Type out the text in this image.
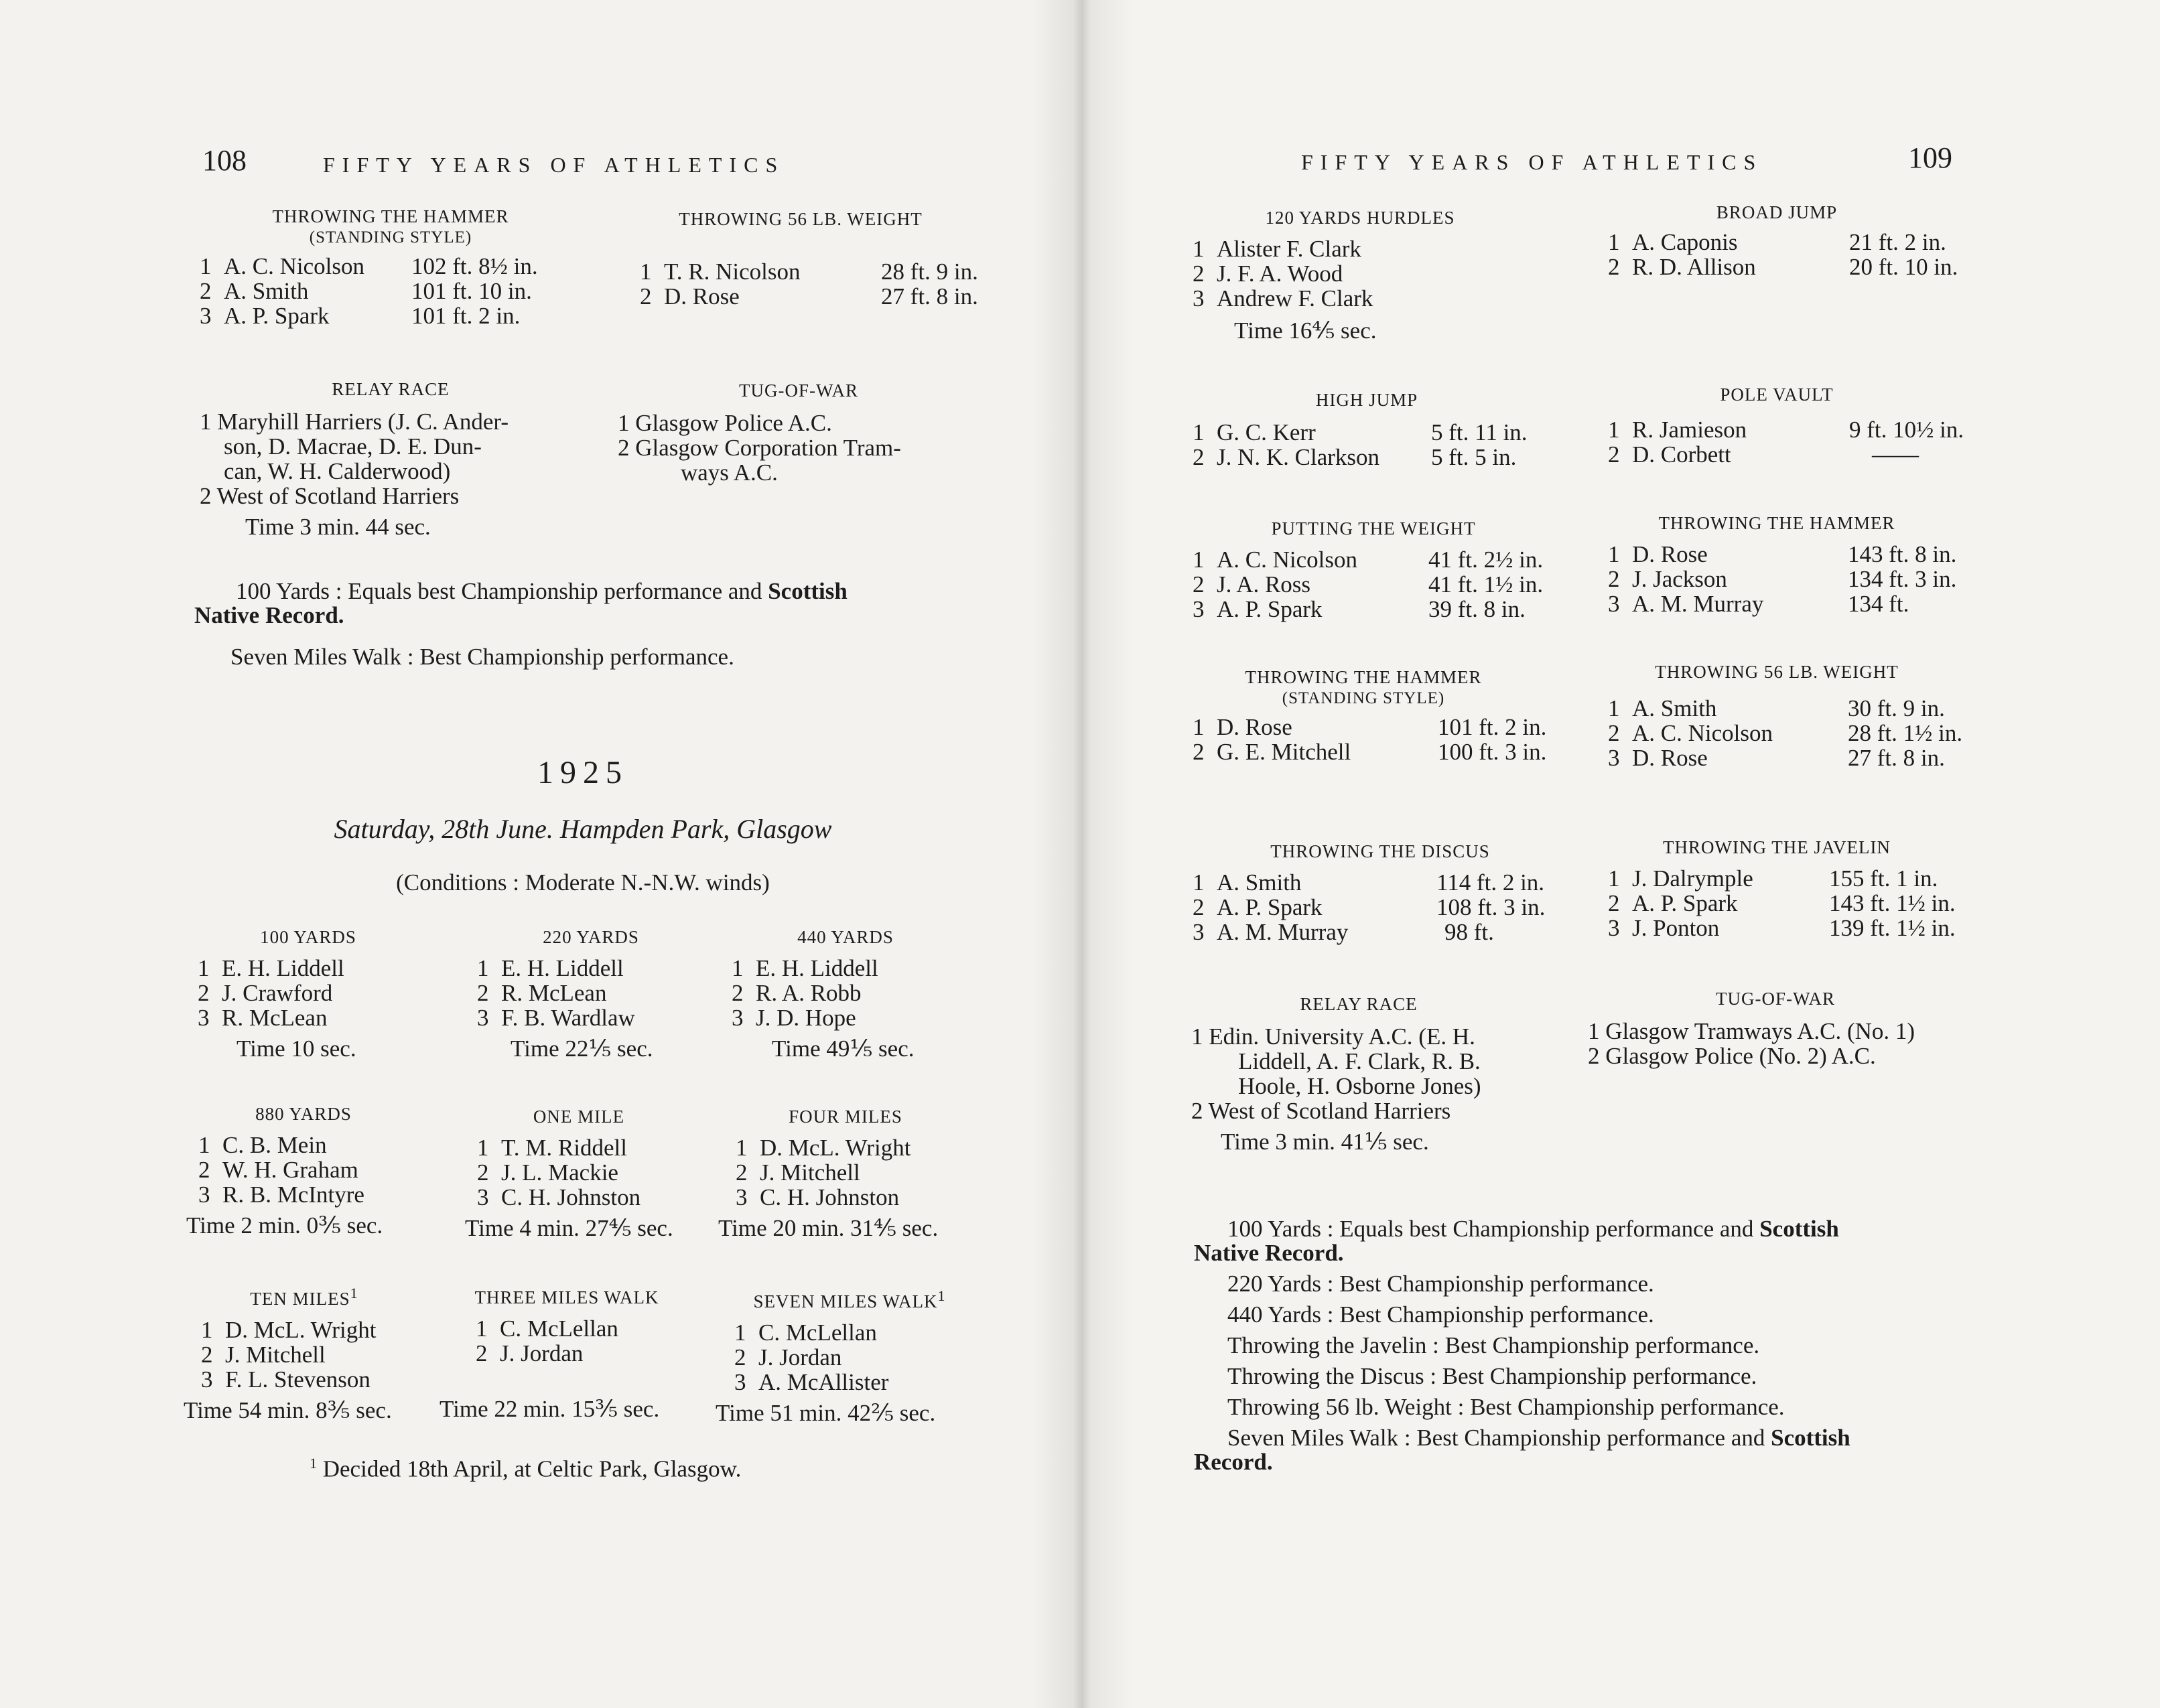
108	FIFTY YEARS OF ATHLETICS
THROWING THE HAMMER
(STANDING STYLE)
1 A. C. Nicolson	102 ft. 8½ in.
2 A. Smith	101 ft. 10 in.
3 A. P. Spark	101 ft. 2 in.
THROWING 56 LB. WEIGHT
1 T. R. Nicolson	28 ft. 9 in.
2 D. Rose	27 ft. 8 in.
RELAY RACE
1 Maryhill Harriers (J. C. Ander-
son, D. Macrae, D. E. Dun-
can, W. H. Calderwood)
2 West of Scotland Harriers
Time 3 min. 44 sec.
TUG-OF-WAR
1 Glasgow Police A.C.
2 Glasgow Corporation Tram-
ways A.C.
100 Yards : Equals best Championship performance and Scottish
Native Record.
Seven Miles Walk : Best Championship performance.
1925
Saturday, 28th June. Hampden Park, Glasgow
(Conditions : Moderate N.-N.W. winds)
100 YARDS
1 E. H. Liddell
2 J. Crawford
3 R. McLean
Time 10 sec.
220 YARDS
1 E. H. Liddell
2 R. McLean
3 F. B. Wardlaw
Time 22⅕ sec.
440 YARDS
1 E. H. Liddell
2 R. A. Robb
3 J. D. Hope
Time 49⅕ sec.
880 YARDS
1 C. B. Mein
2 W. H. Graham
3 R. B. McIntyre
Time 2 min. 0⅗ sec.
ONE MILE
1 T. M. Riddell
2 J. L. Mackie
3 C. H. Johnston
Time 4 min. 27⅘ sec.
FOUR MILES
1 D. McL. Wright
2 J. Mitchell
3 C. H. Johnston
Time 20 min. 31⅘ sec.
TEN MILES$^1$
1 D. McL. Wright
2 J. Mitchell
3 F. L. Stevenson
Time 54 min. 8⅗ sec.
THREE MILES WALK
1 C. McLellan
2 J. Jordan
Time 22 min. 15⅗ sec.
SEVEN MILES WALK$^1$
1 C. McLellan
2 J. Jordan
3 A. McAllister
Time 51 min. 42⅖ sec.
$^1$ Decided 18th April, at Celtic Park, Glasgow.
FIFTY YEARS OF ATHLETICS	109
120 YARDS HURDLES
1 Alister F. Clark
2 J. F. A. Wood
3 Andrew F. Clark
Time 16⅘ sec.
BROAD JUMP
1 A. Caponis	21 ft. 2 in.
2 R. D. Allison	20 ft. 10 in.
HIGH JUMP
1 G. C. Kerr	5 ft. 11 in.
2 J. N. K. Clarkson	5 ft. 5 in.
POLE VAULT
1 R. Jamieson	9 ft. 10½ in.
2 D. Corbett	——
PUTTING THE WEIGHT
1 A. C. Nicolson	41 ft. 2½ in.
2 J. A. Ross	41 ft. 1½ in.
3 A. P. Spark	39 ft. 8 in.
THROWING THE HAMMER
1 D. Rose	143 ft. 8 in.
2 J. Jackson	134 ft. 3 in.
3 A. M. Murray	134 ft.
THROWING THE HAMMER
(STANDING STYLE)
1 D. Rose	101 ft. 2 in.
2 G. E. Mitchell	100 ft. 3 in.
THROWING 56 LB. WEIGHT
1 A. Smith	30 ft. 9 in.
2 A. C. Nicolson	28 ft. 1½ in.
3 D. Rose	27 ft. 8 in.
THROWING THE DISCUS
1 A. Smith	114 ft. 2 in.
2 A. P. Spark	108 ft. 3 in.
3 A. M. Murray	98 ft.
THROWING THE JAVELIN
1 J. Dalrymple	155 ft. 1 in.
2 A. P. Spark	143 ft. 1½ in.
3 J. Ponton	139 ft. 1½ in.
RELAY RACE
1 Edin. University A.C. (E. H.
Liddell, A. F. Clark, R. B.
Hoole, H. Osborne Jones)
2 West of Scotland Harriers
Time 3 min. 41⅕ sec.
TUG-OF-WAR
1 Glasgow Tramways A.C. (No. 1)
2 Glasgow Police (No. 2) A.C.
100 Yards : Equals best Championship performance and Scottish
Native Record.
220 Yards : Best Championship performance.
440 Yards : Best Championship performance.
Throwing the Javelin : Best Championship performance.
Throwing the Discus : Best Championship performance.
Throwing 56 lb. Weight : Best Championship performance.
Seven Miles Walk : Best Championship performance and Scottish
Record.
